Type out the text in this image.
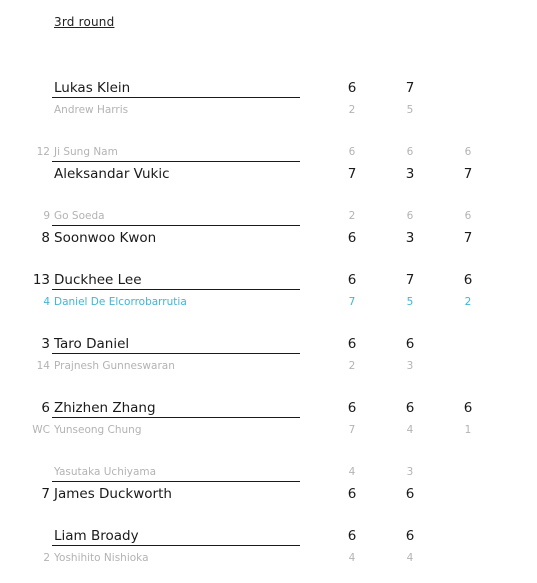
3rd round
Lukas Klein	6	7
Andrew Harris	2	5
12 Ji Sung Nam	6	6	6
Aleksandar Vukic	7	3	7
9 Go Soeda	2	6	6
8 Soonwoo Kwon	6	3	7
13 Duckhee Lee	6	7	6
4 Daniel De Elcorrobarrutia	7	5	2
3 Taro Daniel	6	6
14 Prajnesh Gunneswaran	2	3
6 Zhizhen Zhang	6	6	6
WC Yunseong Chung	7	4	1
Yasutaka Uchiyama	4	3
7 James Duckworth	6	6
Liam Broady	6	6
2 Yoshihito Nishioka	4	4
